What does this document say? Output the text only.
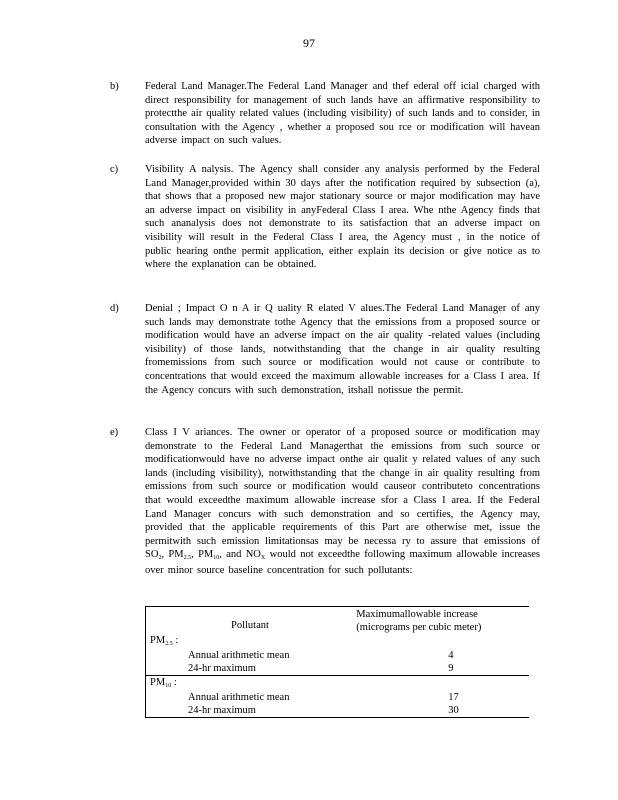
97
b)	Federal Land Manager.The Federal Land Manager and thef ederal off icial charged with direct responsibility for management of such lands have an affirmative responsibility to protectthe air quality related values (including visibility) of such lands and to consider, in consultation with the Agency , whether a proposed sou rce or modification will havean adverse impact on such values.
c)	Visibility A nalysis. The Agency shall consider any analysis performed by the Federal Land Manager,provided within 30 days after the notification required by subsection (a), that shows that a proposed new major stationary source or major modification may have an adverse impact on visibility in anyFederal Class I area. Whe nthe Agency finds that such ananalysis does not demonstrate to its satisfaction that an adverse impact on visibility will result in the Federal Class I area, the Agency must , in the notice of public hearing onthe permit application, either explain its decision or give notice as to where the explanation can be obtained.
d)	Denial ; Impact O n A ir Q uality R elated V alues.The Federal Land Manager of any such lands may demonstrate tothe Agency that the emissions from a proposed source or modification would have an adverse impact on the air quality -related values (including visibility) of those lands, notwithstanding that the change in air quality resulting fromemissions from such source or modification would not cause or contribute to concentrations that would exceed the maximum allowable increases for a Class I area. If the Agency concurs with such demonstration, itshall notissue the permit.
e)	Class I V ariances. The owner or operator of a proposed source or modification may demonstrate to the Federal Land Managerthat the emissions from such source or modificationwould have no adverse impact onthe air qualit y related values of any such lands (including visibility), notwithstanding that the change in air quality resulting from emissions from such source or modification would causeor contributeto concentrations that would exceedthe maximum allowable increase sfor a Class I area. If the Federal Land Manager concurs with such demonstration and so certifies, the Agency may, provided that the applicable requirements of this Part are otherwise met, issue the permitwith such emission limitationsas may be necessa ry to assure that emissions of SO2, PM2.5, PM10, and NOX would not exceedthe following maximum allowable increases over minor source baseline concentration for such pollutants:
Pollutant	Maximumallowable increase
(micrograms per cubic meter)

PM2.5 :	
Annual arithmetic mean	4
24-hr maximum	9
PM10 :	
Annual arithmetic mean	17
24-hr maximum	30
